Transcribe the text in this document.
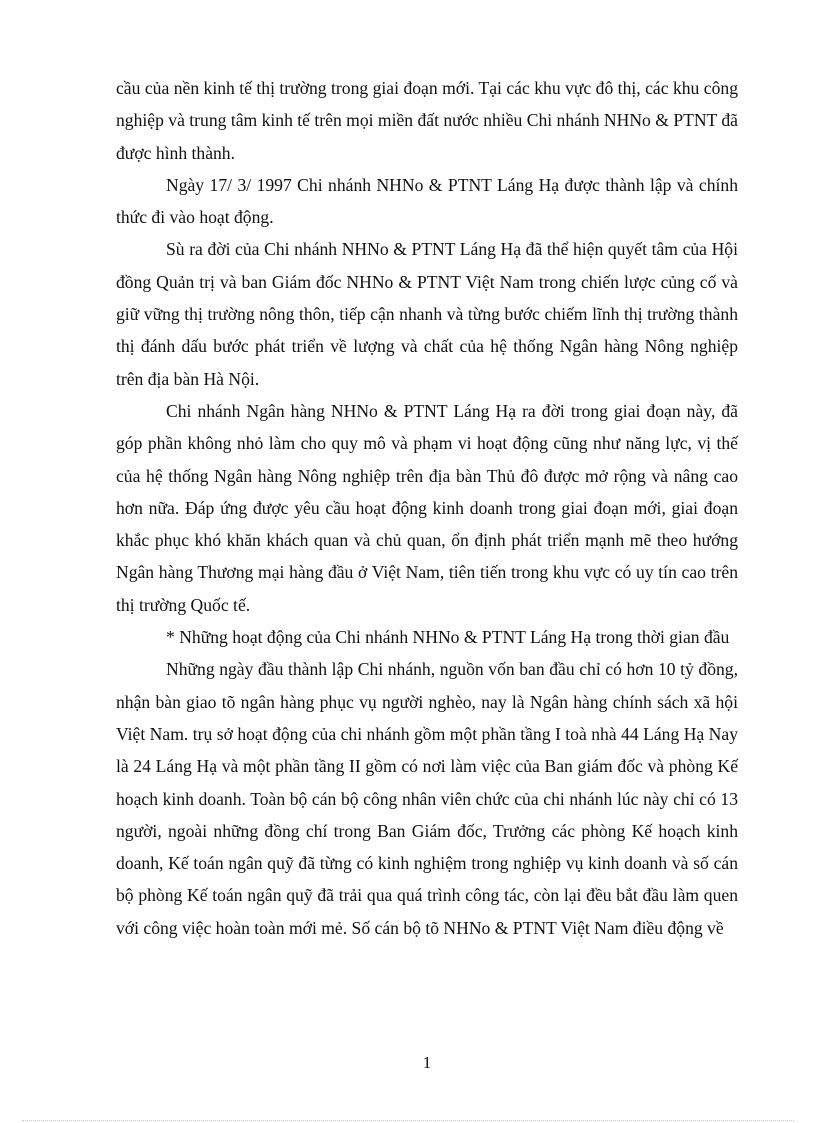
cầu của nền kinh tế thị trường trong giai đoạn mới. Tại các khu vực đô thị, các khu công nghiệp và trung tâm kinh tế trên mọi miền đất nước nhiều Chi nhánh NHNo & PTNT đã được hình thành.

Ngày 17/ 3/ 1997 Chi nhánh NHNo & PTNT Láng Hạ được thành lập và chính thức đi vào hoạt động.

Sù ra đời của Chi nhánh NHNo & PTNT Láng Hạ đã thể hiện quyết tâm của Hội đồng Quản trị và ban Giám đốc NHNo & PTNT Việt Nam trong chiến lược củng cố và giữ vững thị trường nông thôn, tiếp cận nhanh và từng bước chiếm lĩnh thị trường thành thị đánh dấu bước phát triển về lượng và chất của hệ thống Ngân hàng Nông nghiệp trên địa bàn Hà Nội.

Chi nhánh Ngân hàng NHNo & PTNT Láng Hạ ra đời trong giai đoạn này, đã góp phần không nhỏ làm cho quy mô và phạm vi hoạt động cũng như năng lực, vị thế của hệ thống Ngân hàng Nông nghiệp trên địa bàn Thủ đô được mở rộng và nâng cao hơn nữa. Đáp ứng được yêu cầu hoạt động kinh doanh trong giai đoạn mới, giai đoạn khắc phục khó khăn khách quan và chủ quan, ổn định phát triển mạnh mẽ theo hướng Ngân hàng Thương mại hàng đầu ở Việt Nam, tiên tiến trong khu vực có uy tín cao trên thị trường Quốc tế.

* Những hoạt động của Chi nhánh NHNo & PTNT Láng Hạ trong thời gian đầu

Những ngày đầu thành lập Chi nhánh, nguồn vốn ban đầu chỉ có hơn 10 tỷ đồng, nhận bàn giao tõ ngân hàng phục vụ người nghèo, nay là Ngân hàng chính sách xã hội Việt Nam. trụ sở hoạt động của chi nhánh gồm một phần tầng I toà nhà 44 Láng Hạ Nay là 24 Láng Hạ và một phần tầng II gồm có nơi làm việc của Ban giám đốc và phòng Kế hoạch kinh doanh. Toàn bộ cán bộ công nhân viên chức của chi nhánh lúc này chỉ có 13 người, ngoài những đồng chí trong Ban Giám đốc, Trưởng các phòng Kế hoạch kinh doanh, Kế toán ngân quỹ đã từng có kinh nghiệm trong nghiệp vụ kinh doanh và số cán bộ phòng Kế toán ngân quỹ đã trải qua quá trình công tác, còn lại đều bắt đầu làm quen với công việc hoàn toàn mới mẻ. Số cán bộ tõ NHNo & PTNT Việt Nam điều động về

1
